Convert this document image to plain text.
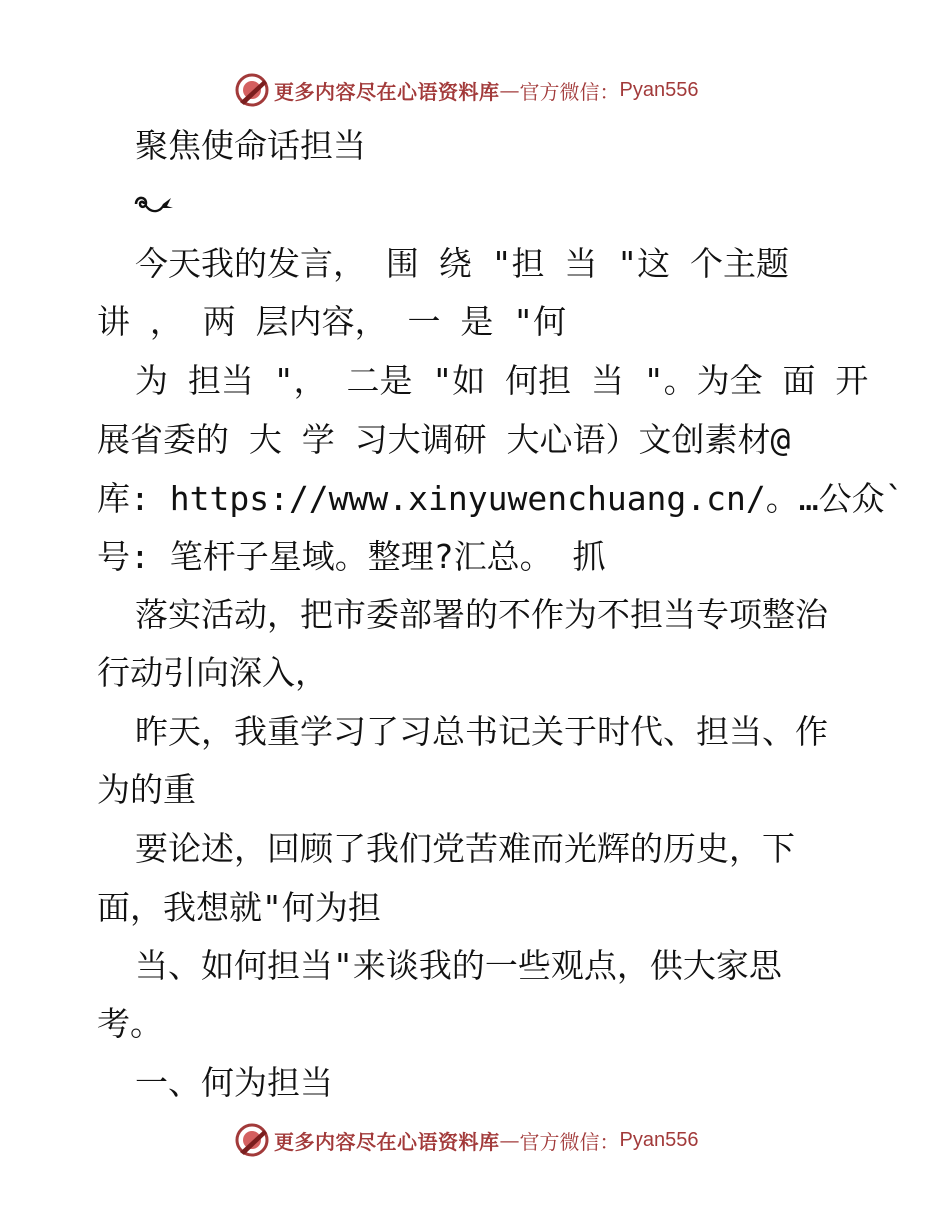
更多内容尽在心语资料库 — 官方微信： Pyan556
聚焦使命话担当
今天我的发言， 围 绕 "担 当 "这 个主题
讲 ， 两 层内容， 一 是 "何
为 担当 "， 二是 "如 何担 当 "。为全 面 开
展省委的 大 学 习大调研 大心语）文创素材@
库: https://www.xinyuwenchuang.cn/。…公众`
号: 笔杆子星域。整理?汇总。 抓
落实活动，把市委部署的不作为不担当专项整治
行动引向深入，
昨天，我重学习了习总书记关于时代、担当、作
为的重
要论述，回顾了我们党苦难而光辉的历史，下
面，我想就"何为担
当、如何担当"来谈我的一些观点，供大家思
考。
一、何为担当
更多内容尽在心语资料库 — 官方微信： Pyan556
